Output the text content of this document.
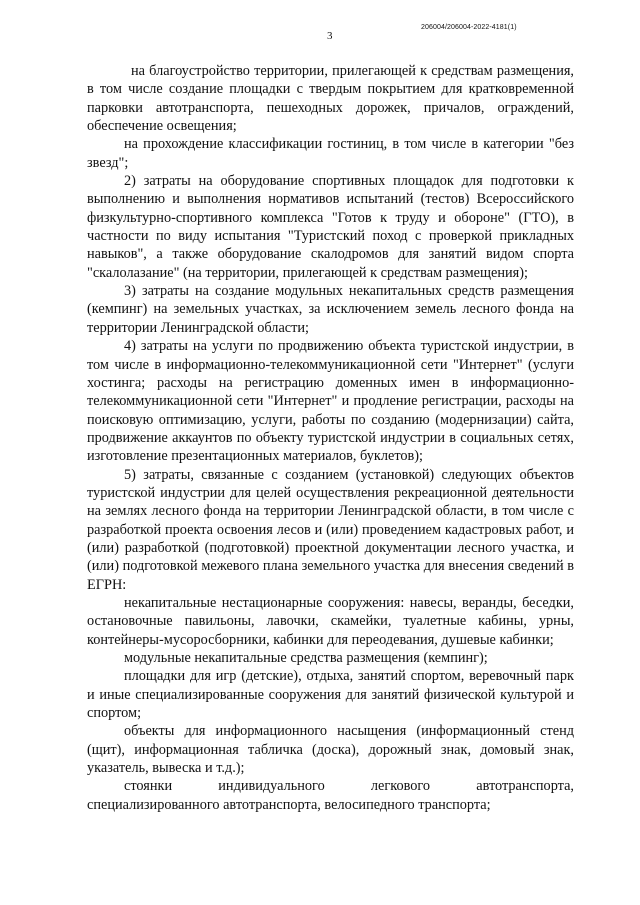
3
206004/206004-2022-4181(1)

на благоустройство территории, прилегающей к средствам размещения, в том числе создание площадки с твердым покрытием для кратковременной парковки автотранспорта, пешеходных дорожек, причалов, ограждений, обеспечение освещения;

на прохождение классификации гостиниц, в том числе в категории "без звезд";

2) затраты на оборудование спортивных площадок для подготовки к выполнению и выполнения нормативов испытаний (тестов) Всероссийского физкультурно-спортивного комплекса "Готов к труду и обороне" (ГТО), в частности по виду испытания "Туристский поход с проверкой прикладных навыков", а также оборудование скалодромов для занятий видом спорта "скалолазание" (на территории, прилегающей к средствам размещения);

3) затраты на создание модульных некапитальных средств размещения (кемпинг) на земельных участках, за исключением земель лесного фонда на территории Ленинградской области;

4) затраты на услуги по продвижению объекта туристской индустрии, в том числе в информационно-телекоммуникационной сети "Интернет" (услуги хостинга; расходы на регистрацию доменных имен в информационно-телекоммуникационной сети "Интернет" и продление регистрации, расходы на поисковую оптимизацию, услуги, работы по созданию (модернизации) сайта, продвижение аккаунтов по объекту туристской индустрии в социальных сетях, изготовление презентационных материалов, буклетов);

5) затраты, связанные с созданием (установкой) следующих объектов туристской индустрии для целей осуществления рекреационной деятельности на землях лесного фонда на территории Ленинградской области, в том числе с разработкой проекта освоения лесов и (или) проведением кадастровых работ, и (или) разработкой (подготовкой) проектной документации лесного участка, и (или) подготовкой межевого плана земельного участка для внесения сведений в ЕГРН:

некапитальные нестационарные сооружения: навесы, веранды, беседки, остановочные павильоны, лавочки, скамейки, туалетные кабины, урны, контейнеры-мусоросборники, кабинки для переодевания, душевые кабинки;

модульные некапитальные средства размещения (кемпинг);

площадки для игр (детские), отдыха, занятий спортом, веревочный парк и иные специализированные сооружения для занятий физической культурой и спортом;

объекты для информационного насыщения (информационный стенд (щит), информационная табличка (доска), дорожный знак, домовый знак, указатель, вывеска и т.д.);

стоянки индивидуального легкового автотранспорта, специализированного автотранспорта, велосипедного транспорта;
